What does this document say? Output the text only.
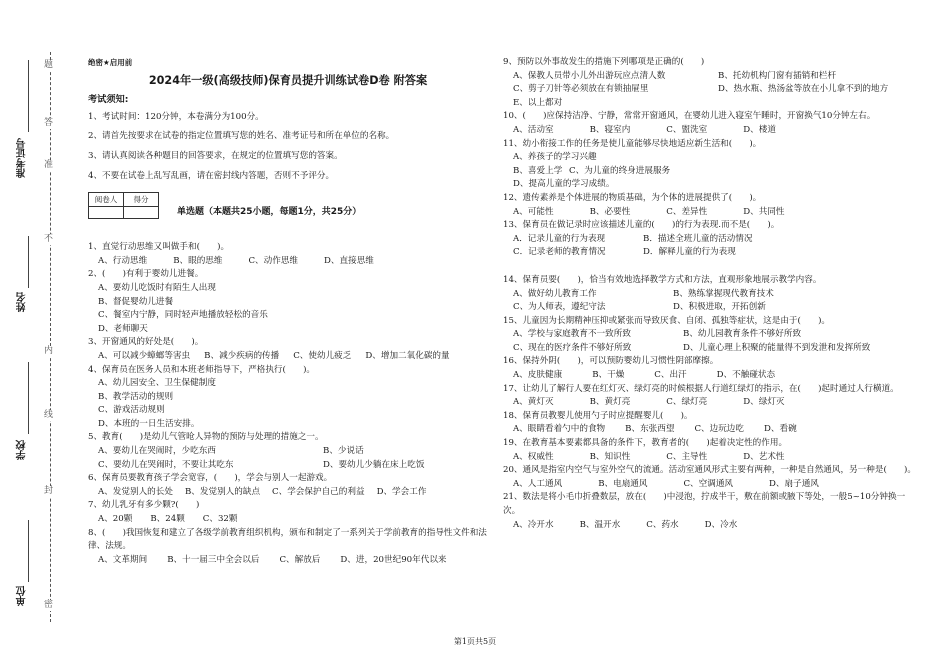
题
答
准
不
内
线
封
密
准考证号
姓名
学校
单位
绝密★启用前
2024年一级(高级技师)保育员提升训练试卷D卷 附答案
考试须知:
1、考试时间：120分钟，本卷满分为100分。
2、请首先按要求在试卷的指定位置填写您的姓名、准考证号和所在单位的名称。
3、请认真阅读各种题目的回答要求，在规定的位置填写您的答案。
4、不要在试卷上乱写乱画，请在密封线内答题，否则不予评分。
阅卷人	得分

单选题（本题共25小题，每题1分，共25分）
1、直觉行动思维又叫做手和(　　)。
A、行动思维	B、眼的思维	C、动作思维	D、直接思维
2、(　　)有利于婴幼儿进餐。
A、要幼儿吃饭时有陌生人出现
B、督促婴幼儿进餐
C、餐室内宁静，同时轻声地播放轻松的音乐
D、老师聊天
3、开窗通风的好处是(　　)。
A、可以减少蟑螂等害虫 B、减少疾病的传播 C、使幼儿疲乏 D、增加二氧化碳的量
4、保育员在医务人员和本班老师指导下，严格执行(　　)。
A、幼儿园安全、卫生保健制度
B、教学活动的规则
C、游戏活动规则
D、本班的一日生活安排。
5、教育(　　)是幼儿气管呛人异物的预防与处理的措施之一。
A、要幼儿在哭闹时，少吃东西	B、少说话
C、要幼儿在哭闹时，不要让其吃东	D、要幼儿少躺在床上吃饭
6、保育员要教育孩子学会宽容，(　　)，学会与别人一起游戏。
A、发觉别人的长处 B、发觉别人的缺点 C、学会保护自己的利益 D、学会工作
7、幼儿乳牙有多少颗?(　　)
A、20颗 B、24颗 C、32颗
8、(　　)我国恢复和建立了各级学前教育组织机构，颁布和制定了一系列关于学前教育的指导性文件和法律、法规。
A、文革期间 B、十一届三中全会以后 C、解放后 D、进，20世纪90年代以来
9、预防以外事故发生的措施下列哪项是正确的(　　)
A、保教人员带小儿外出游玩应点清人数	B、托幼机构门窗有插销和栏杆
C、剪子刀针等必须放在有锁抽屉里	D、热水瓶、热汤盆等放在小儿拿不到的地方
E、以上都对
10、(　　)应保持洁净、宁静，常常开窗通风，在婴幼儿进入寝室午睡时，开窗换气10分钟左右。
A、活动室	B、寝室内	C、盥洗室	D、楼道
11、幼小衔接工作的任务是使儿童能够尽快地适应新生活和(　　)。
A、养孩子的学习兴趣
B、喜爱上学 C、为儿童的终身进展服务
D、提高儿童的学习成绩。
12、遗传素养是个体进展的物质基础，为个体的进展提供了(　　)。
A、可能性	B、必要性	C、差异性	D、共同性
13、保育员在做记录时应该描述儿童的(　　)的行为表现.而不是(　　)。
A．记录儿童的行为表现	B．描述全班儿童的活动情况
C．记录老师的教育情况	D．解释儿童的行为表现
14、保育员要(　　)，恰当有效地选择教学方式和方法，直观形象地展示教学内容。
A、做好幼儿教育工作	B、熟练掌握现代教育技术
C、为人师表，遵纪守法	D、积极进取，开拓创新
15、儿童因为长期精神压抑或紧张而导致厌食、自闭、孤独等症状，这是由于(　　)。
A、学校与家庭教育不一致所致	B、幼儿园教育条件不够好所致
C、现在的医疗条件不够好所致	D、儿童心理上积聚的能量得不到发泄和发挥所致
16、保持外阴(　　)，可以预防婴幼儿习惯性阴部摩擦。
A、皮肤健康	B、干燥	C、出汗	D、不触碰状态
17、让幼儿了解行人要在红灯灭、绿灯亮的时候根据人行道红绿灯的指示，在(　　)起时通过人行横道。
A、黄灯灭	B、黄灯亮	C、绿灯亮	D、绿灯灭
18、保育员教婴儿使用勺子时应提醒婴儿(　　)。
A、眼睛看着勺中的食物 B、东张西望 C、边玩边吃 D、看碗
19、在教育基本要素都具备的条件下，教育者的(　　)起着决定性的作用。
A、权威性	B、知识性	C、主导性	D、艺术性
20、通风是指室内空气与室外空气的流通。活动室通风形式主要有两种，一种是自然通风，另一种是(　　)。
A、人工通风	B、电扇通风	C、空调通风	D、扇子通风
21、数法是将小毛巾折叠数层，放在(　　)中浸泡，拧成半干，敷在前额或腋下等处，一般5~10分钟换一次。
A、冷开水	B、温开水	C、药水	D、冷水
第1页共5页
